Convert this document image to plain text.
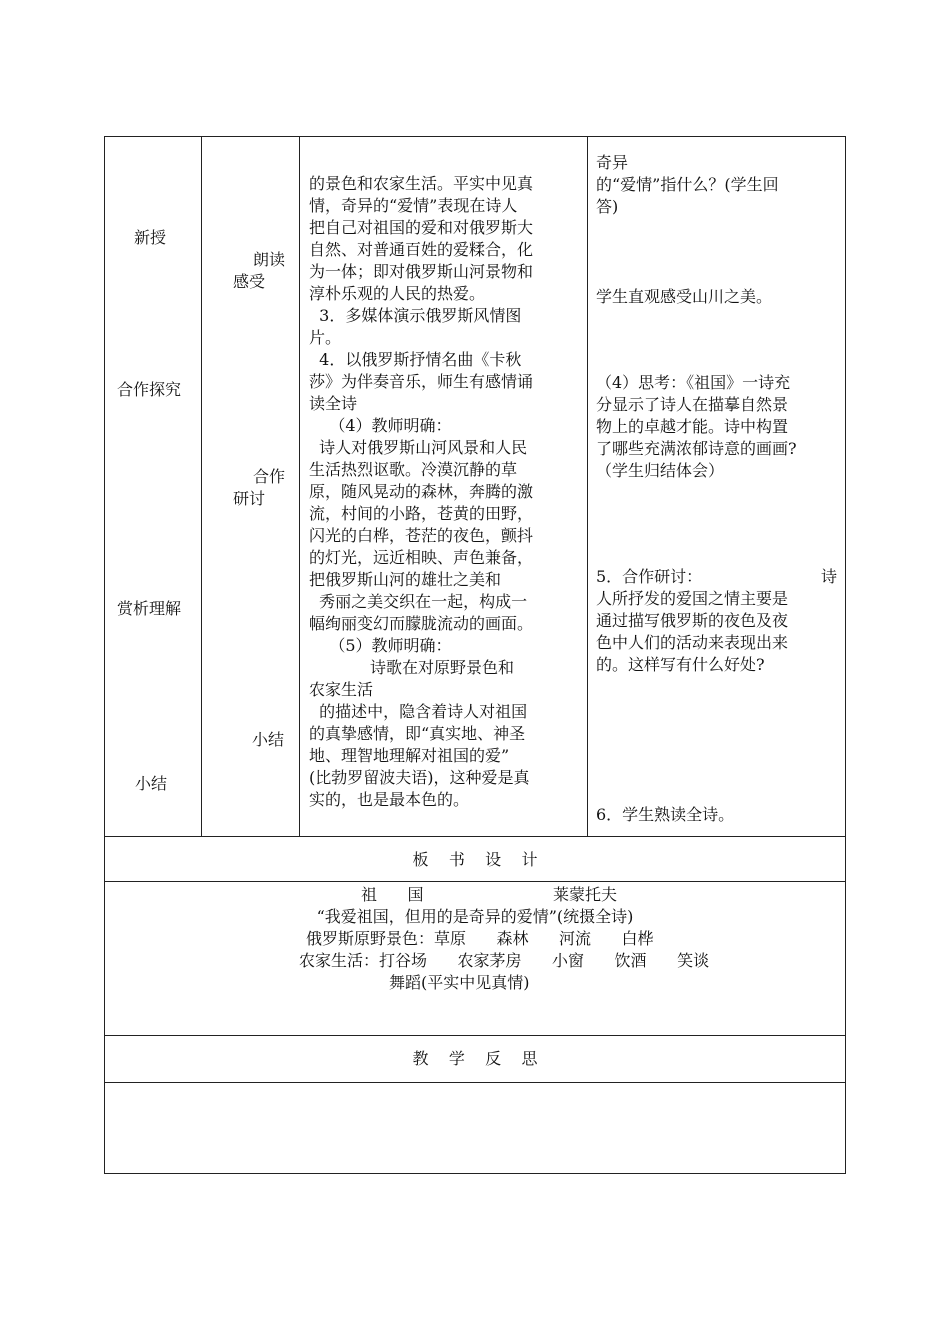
新授
合作探究
赏析理解
小结
朗读
感受
合作
研讨
小结
的景色和农家生活。平实中见真
情，奇异的“爱情”表现在诗人
把自己对祖国的爱和对俄罗斯大
自然、对普通百姓的爱糅合，化
为一体；即对俄罗斯山河景物和
淳朴乐观的人民的热爱。
3．多媒体演示俄罗斯风情图
片。
4．以俄罗斯抒情名曲《卡秋
莎》为伴奏音乐，师生有感情诵
读全诗
（4）教师明确：
诗人对俄罗斯山河风景和人民
生活热烈讴歌。冷漠沉静的草
原，随风晃动的森林，奔腾的激
流，村间的小路，苍黄的田野，
闪光的白桦，苍茫的夜色，颤抖
的灯光，远近相映、声色兼备，
把俄罗斯山河的雄壮之美和
秀丽之美交织在一起，构成一
幅绚丽变幻而朦胧流动的画面。
（5）教师明确：
诗歌在对原野景色和
农家生活
的描述中，隐含着诗人对祖国
的真挚感情，即“真实地、神圣
地、理智地理解对祖国的爱”
(比勃罗留波夫语)，这种爱是真
实的，也是最本色的。
奇异
的“爱情”指什么？(学生回
答)
学生直观感受山川之美。
（4）思考：《祖国》一诗充
分显示了诗人在描摹自然景
物上的卓越才能。诗中构置
了哪些充满浓郁诗意的画画?
（学生归结体会）
5．合作研讨：	诗
人所抒发的爱国之情主要是
通过描写俄罗斯的夜色及夜
色中人们的活动来表现出来
的。这样写有什么好处?
6．学生熟读全诗。
板    书    设    计
祖      国	莱蒙托夫
“我爱祖国，但用的是奇异的爱情”(统摄全诗)
俄罗斯原野景色：草原      森林      河流      白桦
农家生活：打谷场      农家茅房      小窗      饮酒      笑谈
舞蹈(平实中见真情)
教    学    反    思
